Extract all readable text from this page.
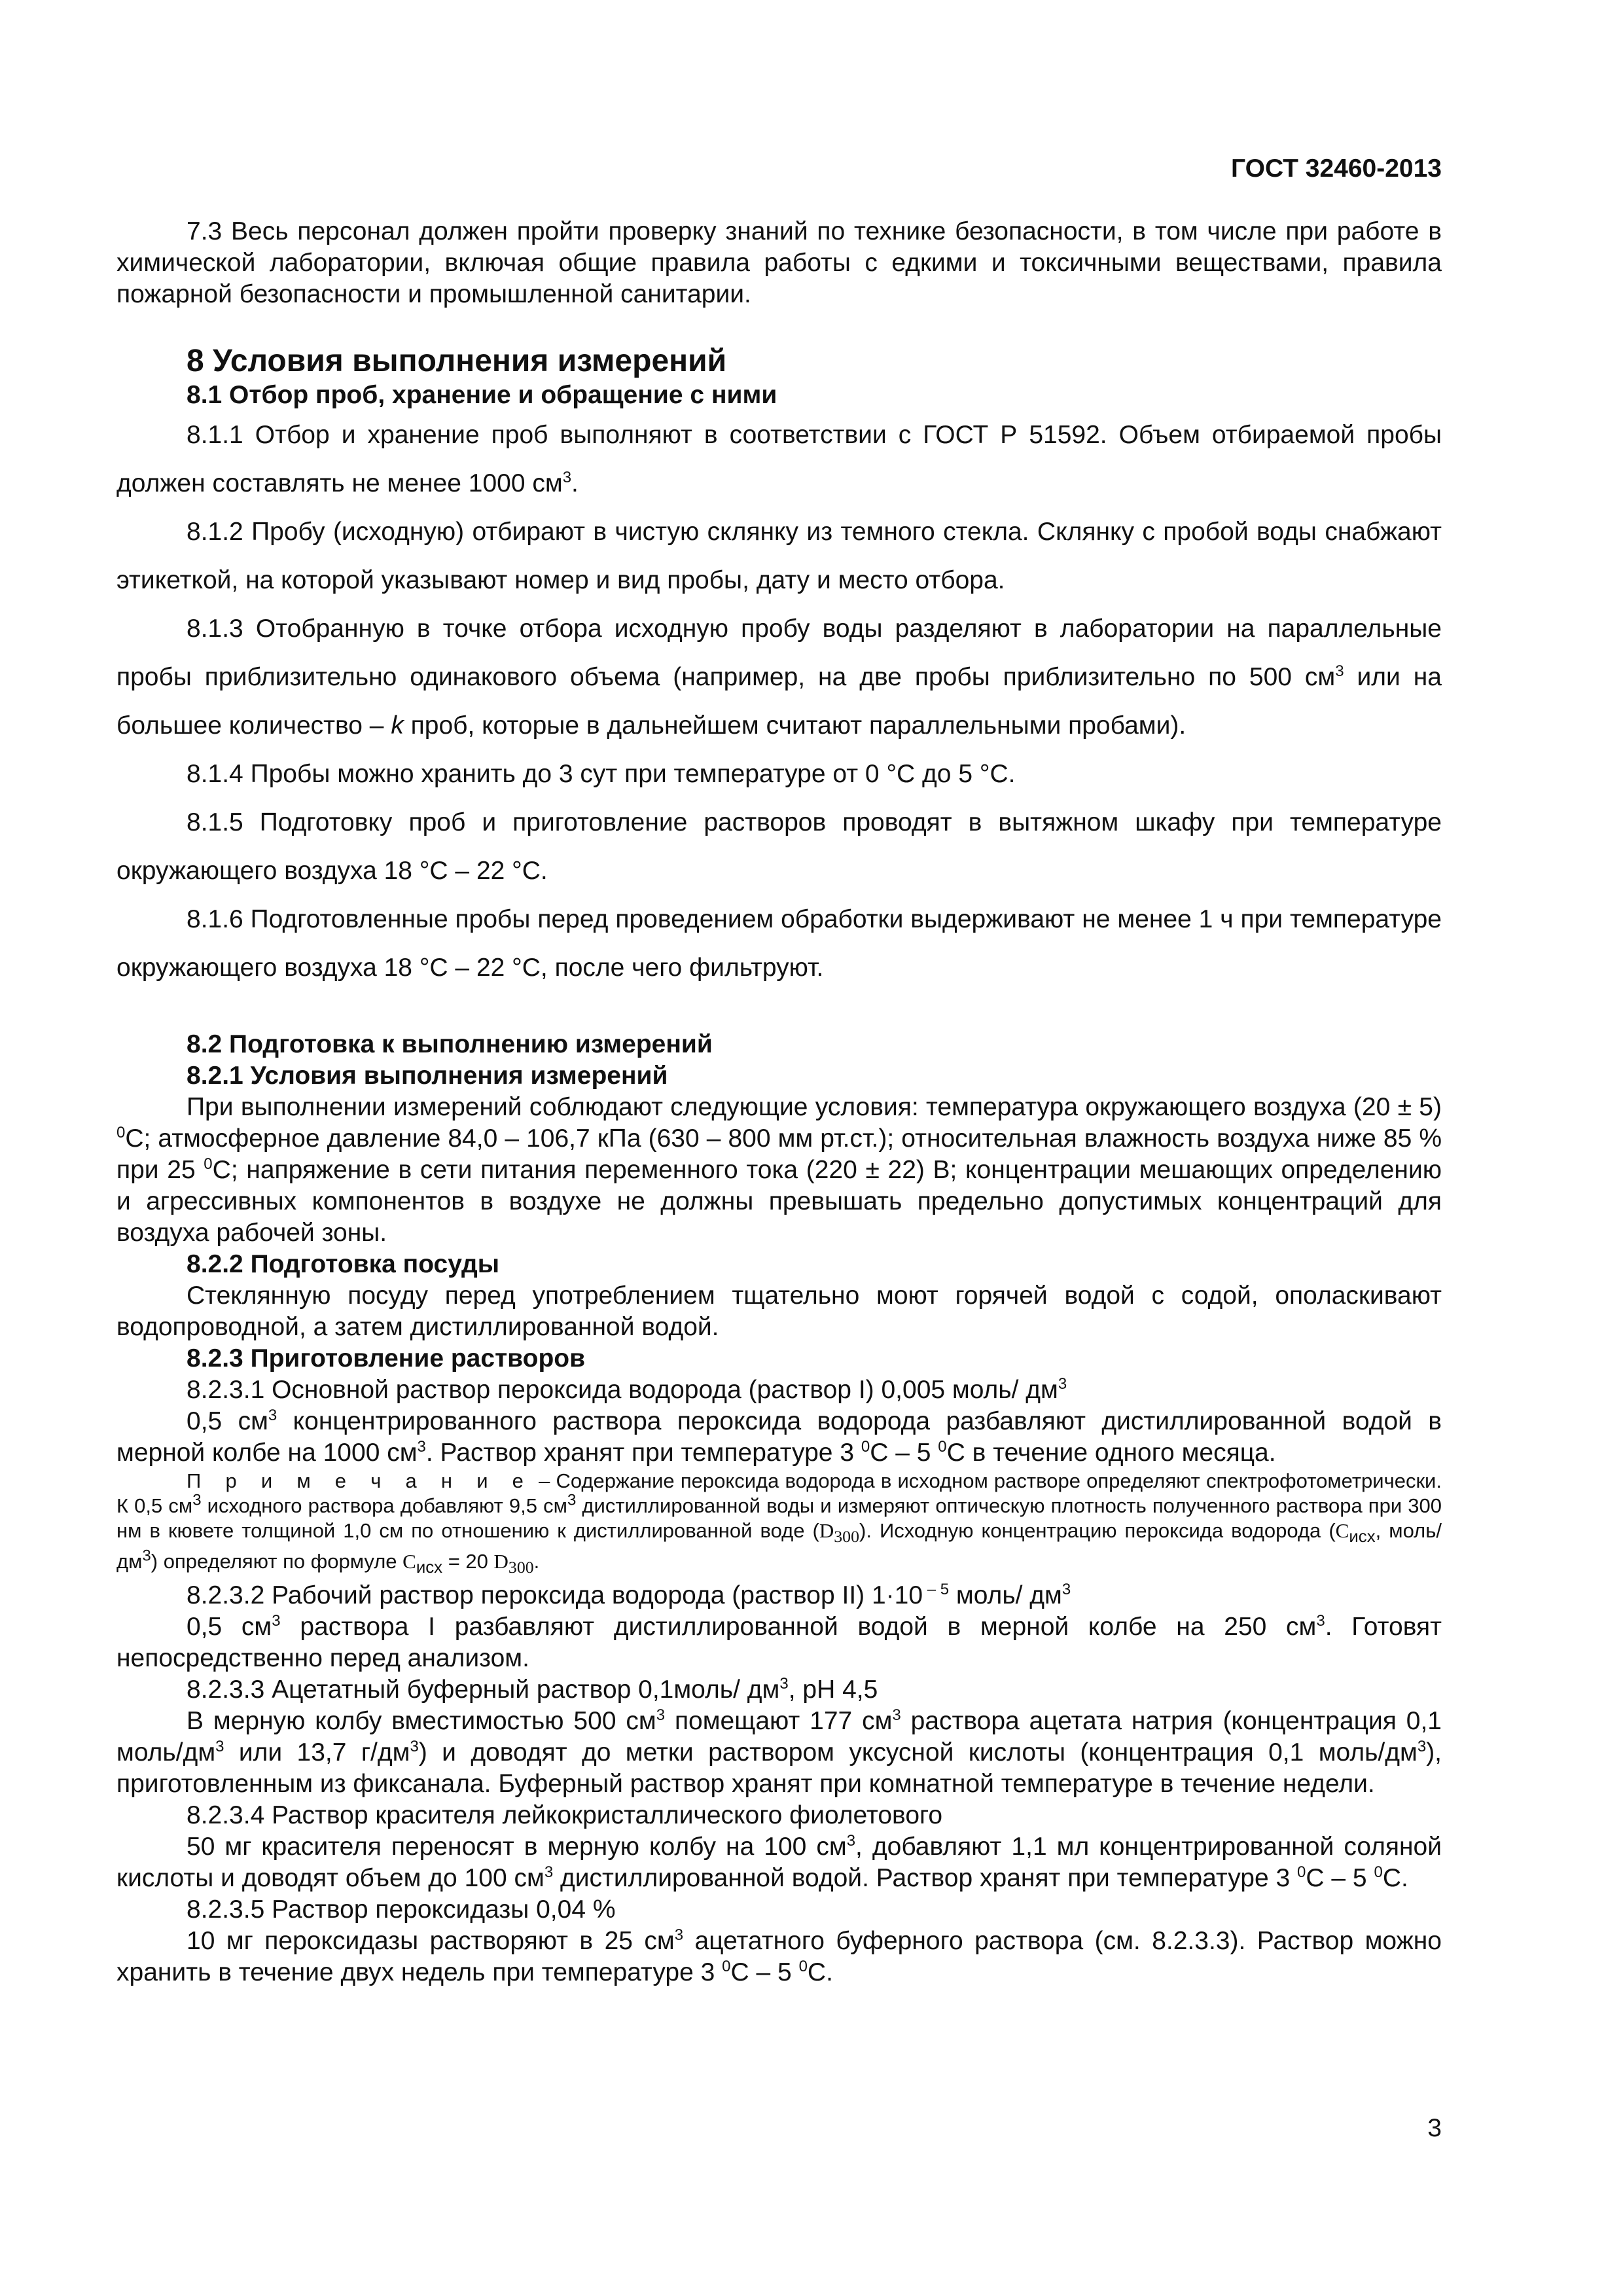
ГОСТ 32460-2013

7.3 Весь персонал должен пройти проверку знаний по технике безопасности, в том числе при работе в химической лаборатории, включая общие правила работы с едкими и токсичными веществами, правила пожарной безопасности и промышленной санитарии.

8 Условия выполнения измерений
8.1 Отбор проб, хранение и обращение с ними

8.1.1 Отбор и хранение проб выполняют в соответствии с ГОСТ Р 51592. Объем отбираемой пробы должен составлять не менее 1000 $см^3$.

8.1.2 Пробу (исходную) отбирают в чистую склянку из темного стекла. Склянку с пробой воды снабжают этикеткой, на которой указывают номер и вид пробы, дату и место отбора.

8.1.3 Отобранную в точке отбора исходную пробу воды разделяют в лаборатории на параллельные пробы приблизительно одинакового объема (например, на две пробы приблизительно по 500 $см^3$ или на большее количество – k проб, которые в дальнейшем считают параллельными пробами).

8.1.4 Пробы можно хранить до 3 сут при температуре от 0 °С до 5 °С.

8.1.5 Подготовку проб и приготовление растворов проводят в вытяжном шкафу при температуре окружающего воздуха 18 °С – 22 °С.

8.1.6 Подготовленные пробы перед проведением обработки выдерживают не менее 1 ч при температуре окружающего воздуха 18 °С – 22 °С, после чего фильтруют.

8.2 Подготовка к выполнению измерений
8.2.1 Условия выполнения измерений

При выполнении измерений соблюдают следующие условия: температура окружающего воздуха (20 ± 5) $^0$С; атмосферное давление 84,0 – 106,7 кПа (630 – 800 мм рт.ст.); относительная влажность воздуха ниже 85 % при 25 $^0$С; напряжение в сети питания переменного тока (220 ± 22) В; концентрации мешающих определению и агрессивных компонентов в воздухе не должны превышать предельно допустимых концентраций для воздуха рабочей зоны.

8.2.2 Подготовка посуды

Стеклянную посуду перед употреблением тщательно моют горячей водой с содой, ополаскивают водопроводной, а затем дистиллированной водой.

8.2.3 Приготовление растворов

8.2.3.1 Основной раствор пероксида водорода (раствор I) 0,005 моль/ $дм^3$

0,5 $см^3$ концентрированного раствора пероксида водорода разбавляют дистиллированной водой в мерной колбе на 1000 $см^3$. Раствор хранят при температуре 3 $^0$С – 5 $^0$С в течение одного месяца.

П р и м е ч а н и е – Содержание пероксида водорода в исходном растворе определяют спектрофотометрически. К 0,5 $см^3$ исходного раствора добавляют 9,5 $см^3$ дистиллированной воды и измеряют оптическую плотность полученного раствора при 300 нм в кювете толщиной 1,0 см по отношению к дистиллированной воде $(D_{300})$. Исходную концентрацию пероксида водорода ($C_{исх}$, моль/$дм^3$) определяют по формуле $C_{исх} = 20$ $D_{300}$.

8.2.3.2 Рабочий раствор пероксида водорода (раствор II) 1·10 $^{- 5}$ моль/ $дм^3$

0,5 $см^3$ раствора I разбавляют дистиллированной водой в мерной колбе на 250 $см^3$. Готовят непосредственно перед анализом.

8.2.3.3 Ацетатный буферный раствор 0,1моль/ $дм^3$, рН 4,5

В мерную колбу вместимостью 500 $см^3$ помещают 177 $см^3$ раствора ацетата натрия (концентрация 0,1 моль/$дм^3$ или 13,7 $г/дм^3$) и доводят до метки раствором уксусной кислоты (концентрация 0,1 моль/$дм^3$), приготовленным из фиксанала. Буферный раствор хранят при комнатной температуре в течение недели.

8.2.3.4 Раствор красителя лейкокристаллического фиолетового

50 мг красителя переносят в мерную колбу на 100 $см^3$, добавляют 1,1 мл концентрированной соляной кислоты и доводят объем до 100 $см^3$ дистиллированной водой. Раствор хранят при температуре 3 $^0$С – 5 $^0$С.

8.2.3.5 Раствор пероксидазы 0,04 %

10 мг пероксидазы растворяют в 25 $см^3$ ацетатного буферного раствора (см. 8.2.3.3). Раствор можно хранить в течение двух недель при температуре 3 $^0$С – 5 $^0$С.

3
